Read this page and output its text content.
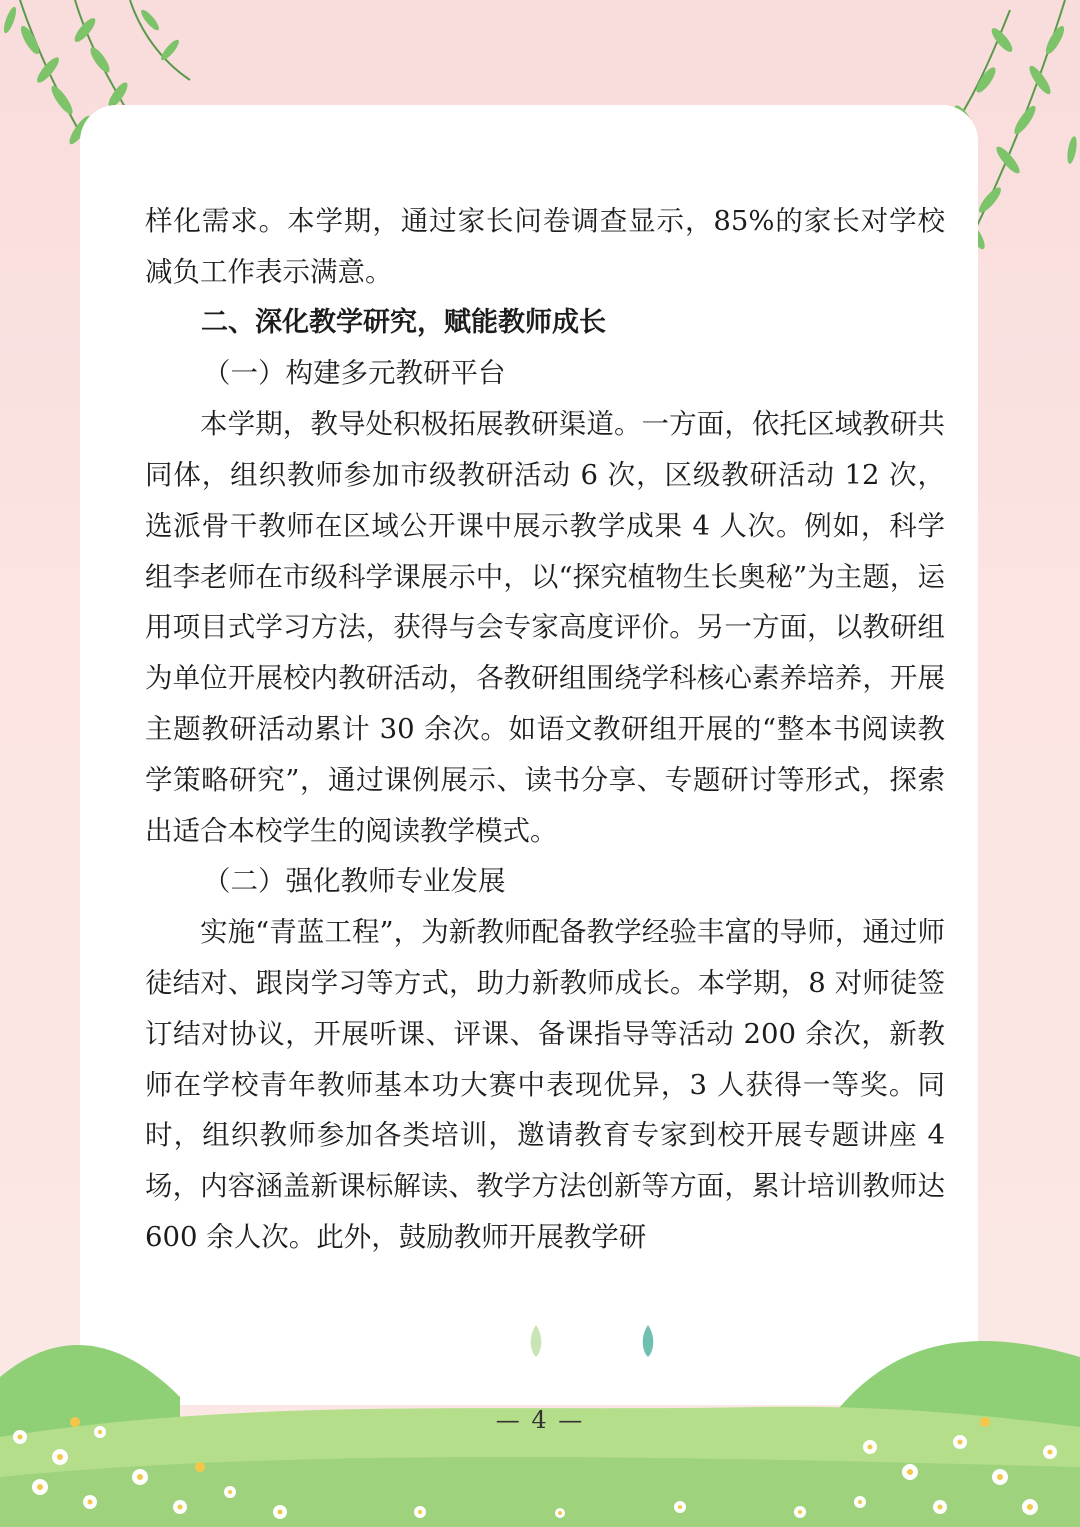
样化需求。本学期，通过家长问卷调查显示，85%的家长对学校减负工作表示满意。

二、深化教学研究，赋能教师成长

（一）构建多元教研平台

本学期，教导处积极拓展教研渠道。一方面，依托区域教研共同体，组织教师参加市级教研活动 6 次，区级教研活动 12 次，选派骨干教师在区域公开课中展示教学成果 4 人次。例如，科学组李老师在市级科学课展示中，以“探究植物生长奥秘”为主题，运用项目式学习方法，获得与会专家高度评价。另一方面，以教研组为单位开展校内教研活动，各教研组围绕学科核心素养培养，开展主题教研活动累计 30 余次。如语文教研组开展的“整本书阅读教学策略研究”，通过课例展示、读书分享、专题研讨等形式，探索出适合本校学生的阅读教学模式。

（二）强化教师专业发展

实施“青蓝工程”，为新教师配备教学经验丰富的导师，通过师徒结对、跟岗学习等方式，助力新教师成长。本学期，8 对师徒签订结对协议，开展听课、评课、备课指导等活动 200 余次，新教师在学校青年教师基本功大赛中表现优异，3 人获得一等奖。同时，组织教师参加各类培训，邀请教育专家到校开展专题讲座 4 场，内容涵盖新课标解读、教学方法创新等方面，累计培训教师达 600 余人次。此外，鼓励教师开展教学研

— 4 —
